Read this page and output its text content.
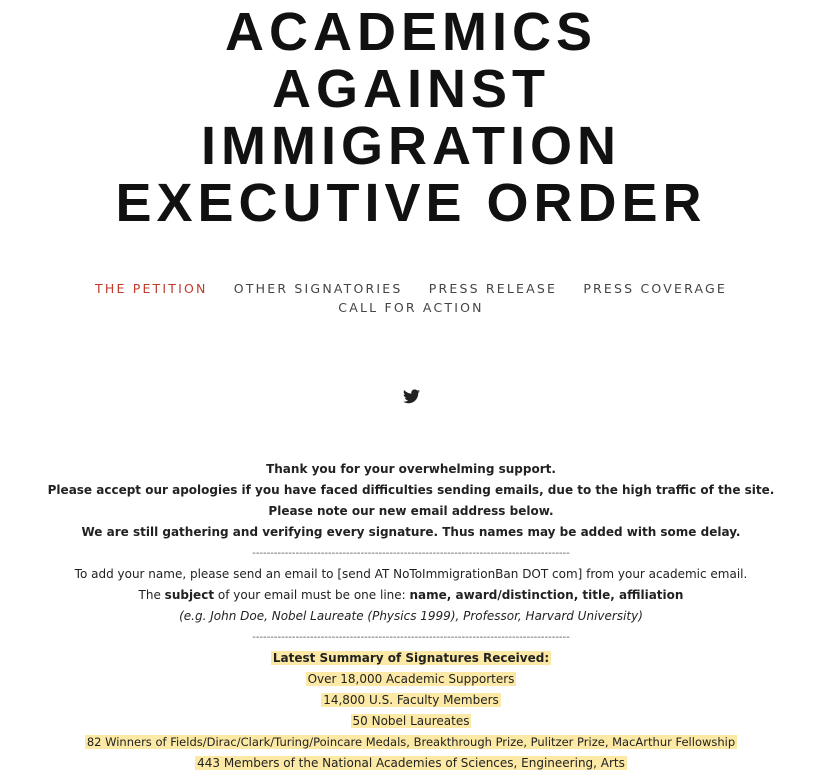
ACADEMICS
AGAINST
IMMIGRATION
EXECUTIVE ORDER
THE PETITION OTHER SIGNATORIES PRESS RELEASE PRESS COVERAGE
CALL FOR ACTION

Thank you for your overwhelming support.

Please accept our apologies if you have faced difficulties sending emails, due to the high traffic of the site.

Please note our new email address below.

We are still gathering and verifying every signature. Thus names may be added with some delay.

----------------------------------------------------------------------------------------

To add your name, please send an email to [send AT NoToImmigrationBan DOT com] from your academic email.

The subject of your email must be one line: name, award/distinction, title, affiliation

(e.g. John Doe, Nobel Laureate (Physics 1999), Professor, Harvard University)

----------------------------------------------------------------------------------------

Latest Summary of Signatures Received:

Over 18,000 Academic Supporters

14,800 U.S. Faculty Members

50 Nobel Laureates

82 Winners of Fields/Dirac/Clark/Turing/Poincare Medals, Breakthrough Prize, Pulitzer Prize, MacArthur Fellowship

443 Members of the National Academies of Sciences, Engineering, Arts
